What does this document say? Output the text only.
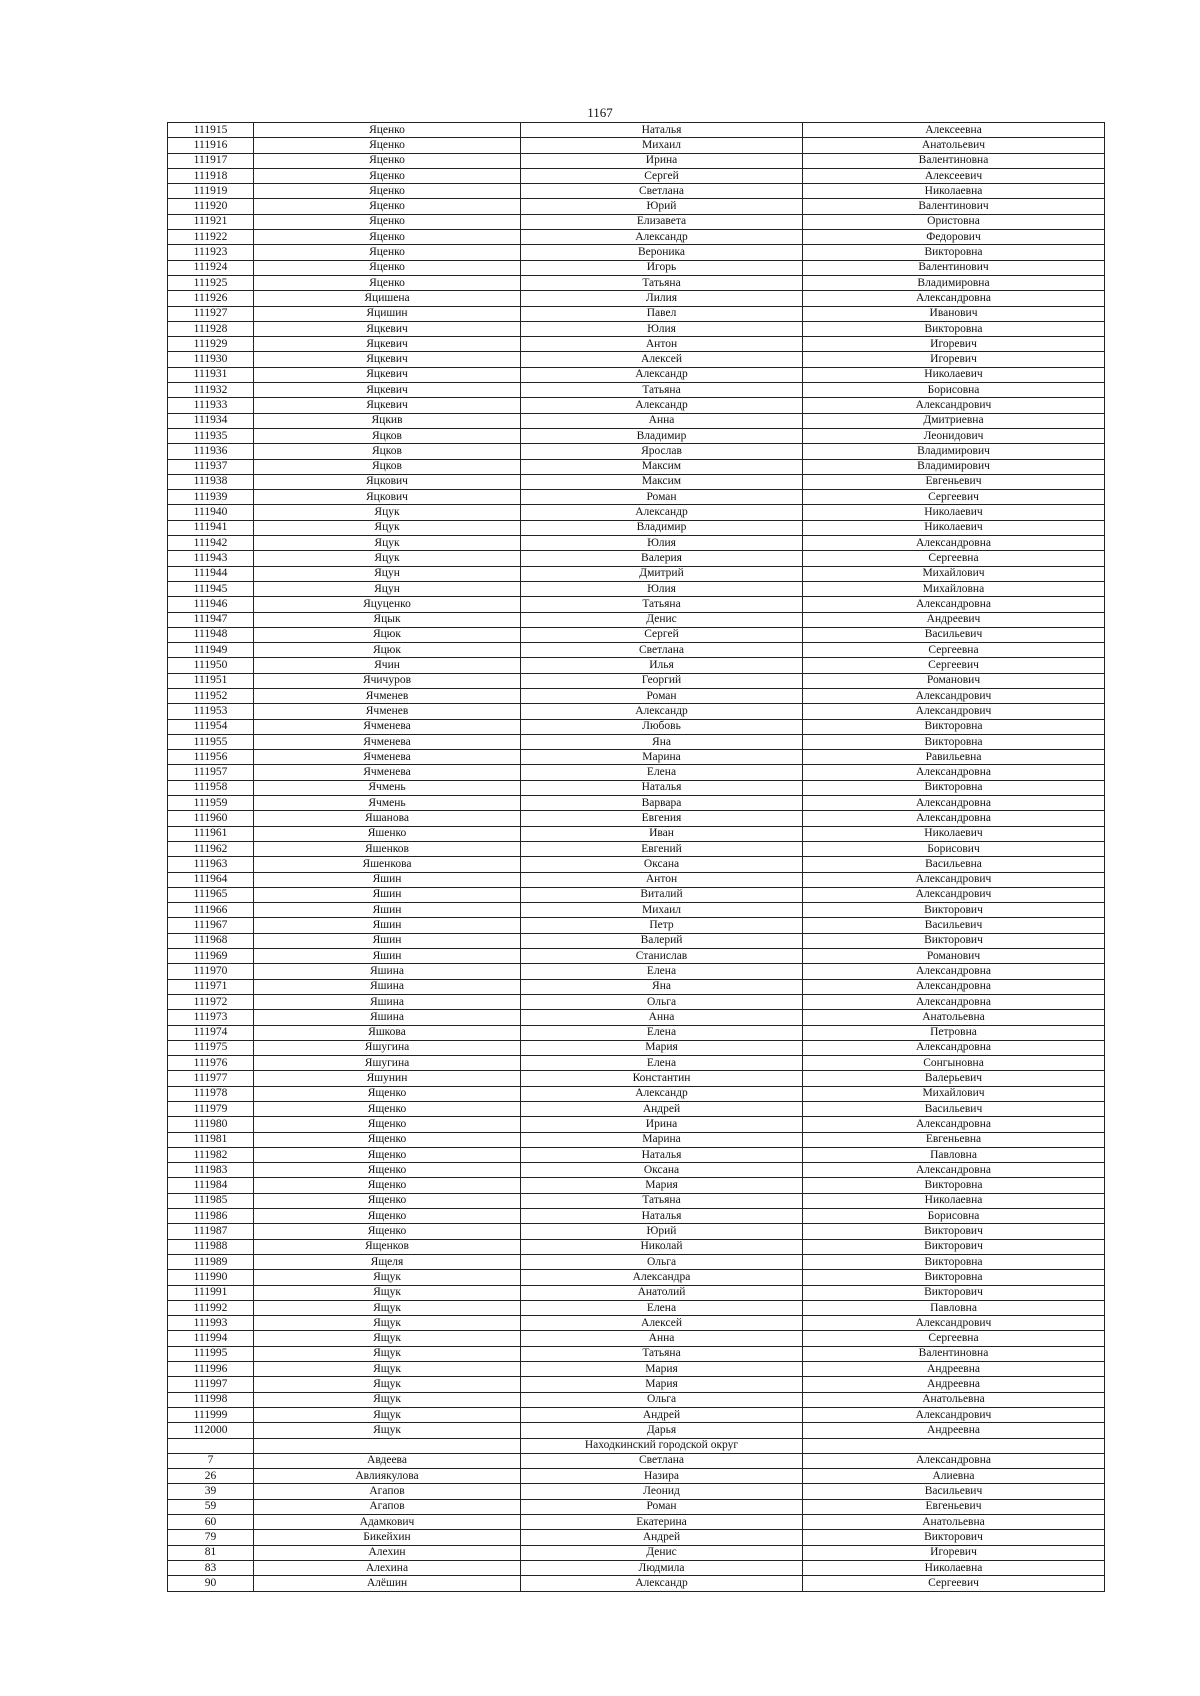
1167
111915	Яценко	Наталья	Алексеевна
111916	Яценко	Михаил	Анатольевич
111917	Яценко	Ирина	Валентиновна
111918	Яценко	Сергей	Алексеевич
111919	Яценко	Светлана	Николаевна
111920	Яценко	Юрий	Валентинович
111921	Яценко	Елизавета	Ористовна
111922	Яценко	Александр	Федорович
111923	Яценко	Вероника	Викторовна
111924	Яценко	Игорь	Валентинович
111925	Яценко	Татьяна	Владимировна
111926	Яцишена	Лилия	Александровна
111927	Яцишин	Павел	Иванович
111928	Яцкевич	Юлия	Викторовна
111929	Яцкевич	Антон	Игоревич
111930	Яцкевич	Алексей	Игоревич
111931	Яцкевич	Александр	Николаевич
111932	Яцкевич	Татьяна	Борисовна
111933	Яцкевич	Александр	Александрович
111934	Яцкив	Анна	Дмитриевна
111935	Яцков	Владимир	Леонидович
111936	Яцков	Ярослав	Владимирович
111937	Яцков	Максим	Владимирович
111938	Яцкович	Максим	Евгеньевич
111939	Яцкович	Роман	Сергеевич
111940	Яцук	Александр	Николаевич
111941	Яцук	Владимир	Николаевич
111942	Яцук	Юлия	Александровна
111943	Яцук	Валерия	Сергеевна
111944	Яцун	Дмитрий	Михайлович
111945	Яцун	Юлия	Михайловна
111946	Яцуценко	Татьяна	Александровна
111947	Яцык	Денис	Андреевич
111948	Яцюк	Сергей	Васильевич
111949	Яцюк	Светлана	Сергеевна
111950	Ячин	Илья	Сергеевич
111951	Ячичуров	Георгий	Романович
111952	Ячменев	Роман	Александрович
111953	Ячменев	Александр	Александрович
111954	Ячменева	Любовь	Викторовна
111955	Ячменева	Яна	Викторовна
111956	Ячменева	Марина	Равильевна
111957	Ячменева	Елена	Александровна
111958	Ячмень	Наталья	Викторовна
111959	Ячмень	Варвара	Александровна
111960	Яшанова	Евгения	Александровна
111961	Яшенко	Иван	Николаевич
111962	Яшенков	Евгений	Борисович
111963	Яшенкова	Оксана	Васильевна
111964	Яшин	Антон	Александрович
111965	Яшин	Виталий	Александрович
111966	Яшин	Михаил	Викторович
111967	Яшин	Петр	Васильевич
111968	Яшин	Валерий	Викторович
111969	Яшин	Станислав	Романович
111970	Яшина	Елена	Александровна
111971	Яшина	Яна	Александровна
111972	Яшина	Ольга	Александровна
111973	Яшина	Анна	Анатольевна
111974	Яшкова	Елена	Петровна
111975	Яшугина	Мария	Александровна
111976	Яшугина	Елена	Сонгыновна
111977	Яшунин	Константин	Валерьевич
111978	Ященко	Александр	Михайлович
111979	Ященко	Андрей	Васильевич
111980	Ященко	Ирина	Александровна
111981	Ященко	Марина	Евгеньевна
111982	Ященко	Наталья	Павловна
111983	Ященко	Оксана	Александровна
111984	Ященко	Мария	Викторовна
111985	Ященко	Татьяна	Николаевна
111986	Ященко	Наталья	Борисовна
111987	Ященко	Юрий	Викторович
111988	Ященков	Николай	Викторович
111989	Ящеля	Ольга	Викторовна
111990	Ящук	Александра	Викторовна
111991	Ящук	Анатолий	Викторович
111992	Ящук	Елена	Павловна
111993	Ящук	Алексей	Александрович
111994	Ящук	Анна	Сергеевна
111995	Ящук	Татьяна	Валентиновна
111996	Ящук	Мария	Андреевна
111997	Ящук	Мария	Андреевна
111998	Ящук	Ольга	Анатольевна
111999	Ящук	Андрей	Александрович
112000	Ящук	Дарья	Андреевна
		Находкинский городской округ	
7	Авдеева	Светлана	Александровна
26	Авлиякулова	Назира	Алиевна
39	Агапов	Леонид	Васильевич
59	Агапов	Роман	Евгеньевич
60	Адамкович	Екатерина	Анатольевна
79	Бикейхин	Андрей	Викторович
81	Алехин	Денис	Игоревич
83	Алехина	Людмила	Николаевна
90	Алёшин	Александр	Сергеевич
